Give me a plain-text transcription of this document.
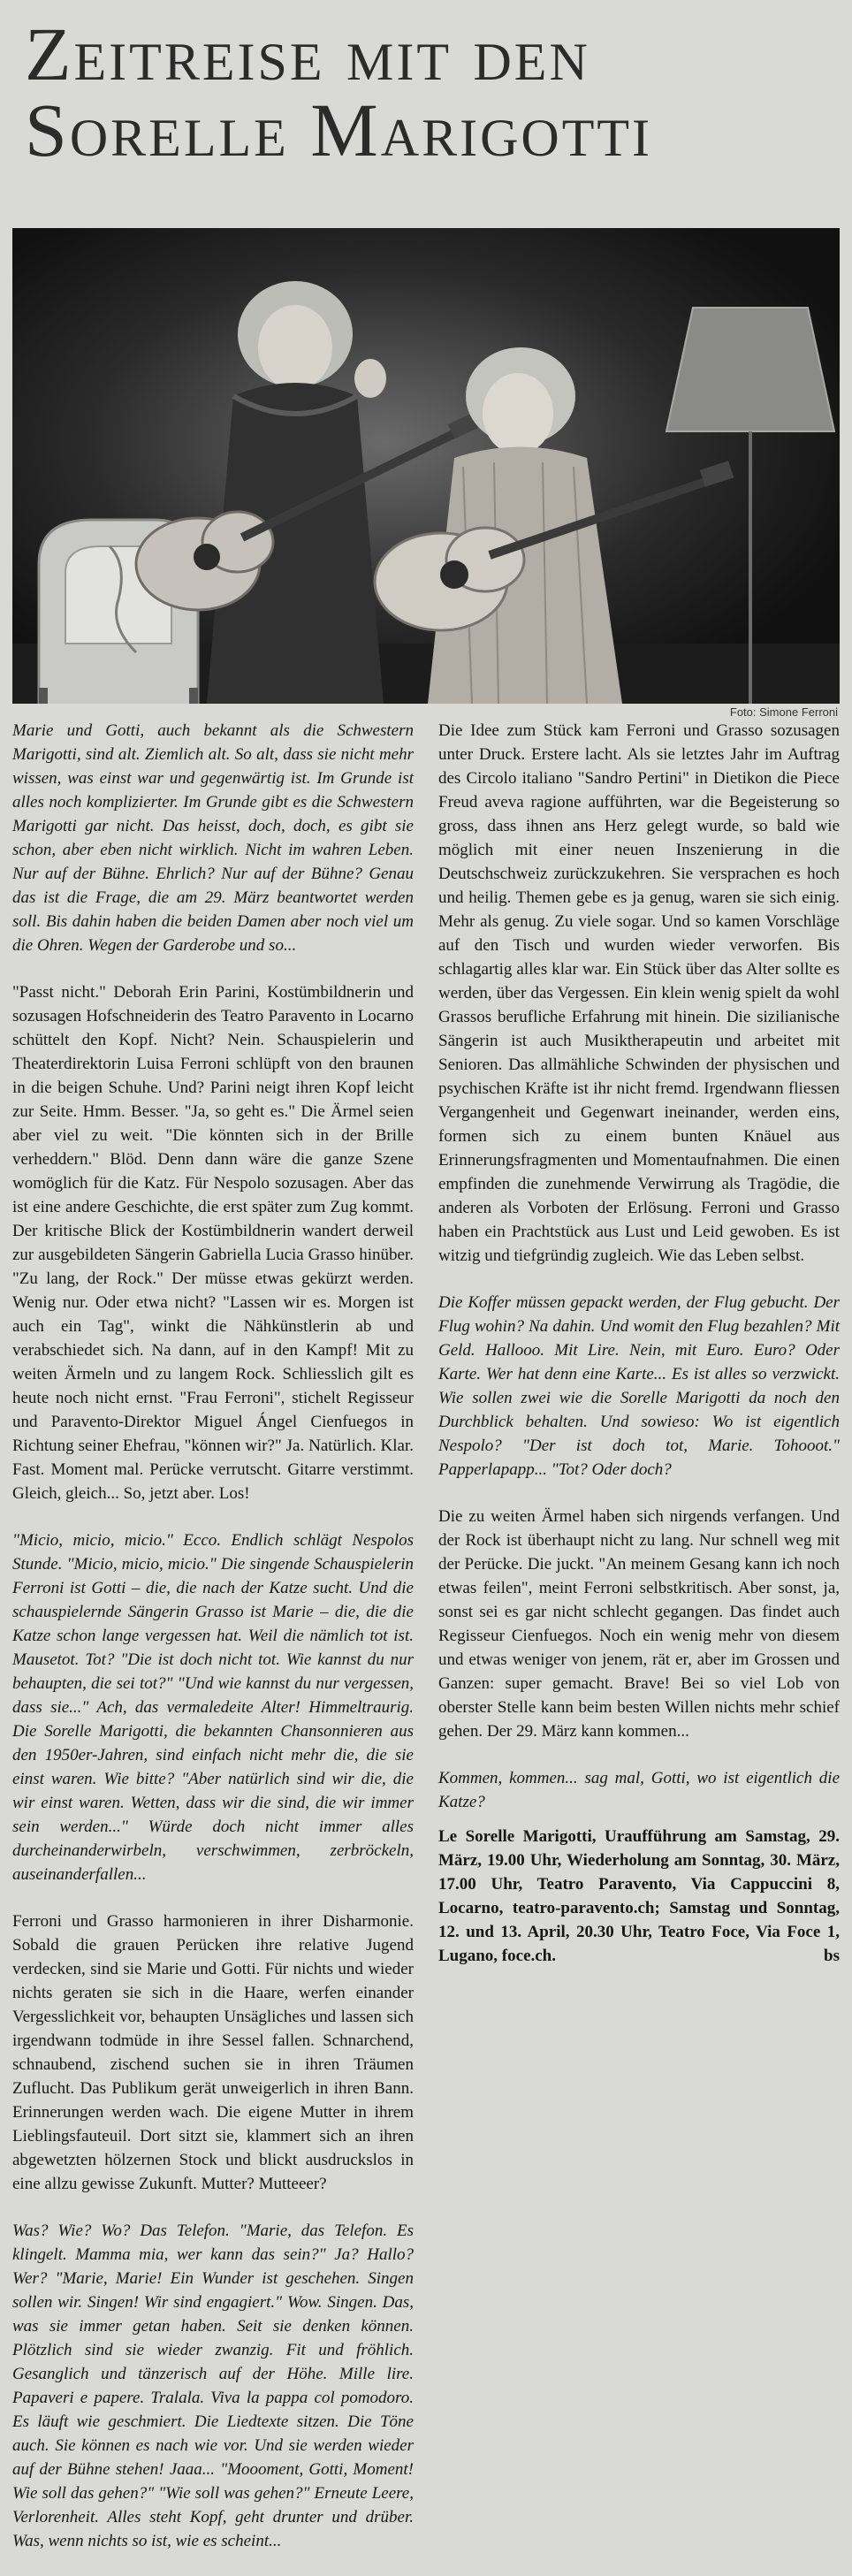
Zeitreise mit den
Sorelle Marigotti
Foto: Simone Ferroni

Marie und Gotti, auch bekannt als die Schwestern Marigotti, sind alt. Ziemlich alt. So alt, dass sie nicht mehr wissen, was einst war und gegenwärtig ist. Im Grunde ist alles noch komplizierter. Im Grunde gibt es die Schwestern Marigotti gar nicht. Das heisst, doch, doch, es gibt sie schon, aber eben nicht wirklich. Nicht im wahren Leben. Nur auf der Bühne. Ehrlich? Nur auf der Bühne? Genau das ist die Frage, die am 29. März beantwortet werden soll. Bis dahin haben die beiden Damen aber noch viel um die Ohren. Wegen der Garderobe und so...

"Passt nicht." Deborah Erin Parini, Kostümbildnerin und sozusagen Hofschneiderin des Teatro Paravento in Locarno schüttelt den Kopf. Nicht? Nein. Schauspielerin und Theaterdirektorin Luisa Ferroni schlüpft von den braunen in die beigen Schuhe. Und? Parini neigt ihren Kopf leicht zur Seite. Hmm. Besser. "Ja, so geht es." Die Ärmel seien aber viel zu weit. "Die könnten sich in der Brille verheddern." Blöd. Denn dann wäre die ganze Szene womöglich für die Katz. Für Nespolo sozusagen. Aber das ist eine andere Geschichte, die erst später zum Zug kommt. Der kritische Blick der Kostümbildnerin wandert derweil zur ausgebildeten Sängerin Gabriella Lucia Grasso hinüber. "Zu lang, der Rock." Der müsse etwas gekürzt werden. Wenig nur. Oder etwa nicht? "Lassen wir es. Morgen ist auch ein Tag", winkt die Nähkünstlerin ab und verabschiedet sich. Na dann, auf in den Kampf! Mit zu weiten Ärmeln und zu langem Rock. Schliesslich gilt es heute noch nicht ernst. "Frau Ferroni", stichelt Regisseur und Paravento-Direktor Miguel Ángel Cienfuegos in Richtung seiner Ehefrau, "können wir?" Ja. Natürlich. Klar. Fast. Moment mal. Perücke verrutscht. Gitarre verstimmt. Gleich, gleich... So, jetzt aber. Los!

"Micio, micio, micio." Ecco. Endlich schlägt Nespolos Stunde. "Micio, micio, micio." Die singende Schauspielerin Ferroni ist Gotti – die, die nach der Katze sucht. Und die schauspielernde Sängerin Grasso ist Marie – die, die die Katze schon lange vergessen hat. Weil die nämlich tot ist. Mausetot. Tot? "Die ist doch nicht tot. Wie kannst du nur behaupten, die sei tot?" "Und wie kannst du nur vergessen, dass sie..." Ach, das vermaledeite Alter! Himmeltraurig. Die Sorelle Marigotti, die bekannten Chansonnieren aus den 1950er-Jahren, sind einfach nicht mehr die, die sie einst waren. Wie bitte? "Aber natürlich sind wir die, die wir einst waren. Wetten, dass wir die sind, die wir immer sein werden..." Würde doch nicht immer alles durcheinanderwirbeln, verschwimmen, zerbröckeln, auseinanderfallen...

Ferroni und Grasso harmonieren in ihrer Disharmonie. Sobald die grauen Perücken ihre relative Jugend verdecken, sind sie Marie und Gotti. Für nichts und wieder nichts geraten sie sich in die Haare, werfen einander Vergesslichkeit vor, behaupten Unsägliches und lassen sich irgendwann todmüde in ihre Sessel fallen. Schnarchend, schnaubend, zischend suchen sie in ihren Träumen Zuflucht. Das Publikum gerät unweigerlich in ihren Bann. Erinnerungen werden wach. Die eigene Mutter in ihrem Lieblingsfauteuil. Dort sitzt sie, klammert sich an ihren abgewetzten hölzernen Stock und blickt ausdruckslos in eine allzu gewisse Zukunft. Mutter? Mutteeer?

Was? Wie? Wo? Das Telefon. "Marie, das Telefon. Es klingelt. Mamma mia, wer kann das sein?" Ja? Hallo? Wer? "Marie, Marie! Ein Wunder ist geschehen. Singen sollen wir. Singen! Wir sind engagiert." Wow. Singen. Das, was sie immer getan haben. Seit sie denken können. Plötzlich sind sie wieder zwanzig. Fit und fröhlich. Gesanglich und tänzerisch auf der Höhe. Mille lire. Papaveri e papere. Tralala. Viva la pappa col pomodoro. Es läuft wie geschmiert. Die Liedtexte sitzen. Die Töne auch. Sie können es nach wie vor. Und sie werden wieder auf der Bühne stehen! Jaaa... "Moooment, Gotti, Moment! Wie soll das gehen?" "Wie soll was gehen?" Erneute Leere, Verlorenheit. Alles steht Kopf, geht drunter und drüber. Was, wenn nichts so ist, wie es scheint...

Die Idee zum Stück kam Ferroni und Grasso sozusagen unter Druck. Erstere lacht. Als sie letztes Jahr im Auftrag des Circolo italiano "Sandro Pertini" in Dietikon die Piece Freud aveva ragione aufführten, war die Begeisterung so gross, dass ihnen ans Herz gelegt wurde, so bald wie möglich mit einer neuen Inszenierung in die Deutschschweiz zurückzukehren. Sie versprachen es hoch und heilig. Themen gebe es ja genug, waren sie sich einig. Mehr als genug. Zu viele sogar. Und so kamen Vorschläge auf den Tisch und wurden wieder verworfen. Bis schlagartig alles klar war. Ein Stück über das Alter sollte es werden, über das Vergessen. Ein klein wenig spielt da wohl Grassos berufliche Erfahrung mit hinein. Die sizilianische Sängerin ist auch Musiktherapeutin und arbeitet mit Senioren. Das allmähliche Schwinden der physischen und psychischen Kräfte ist ihr nicht fremd. Irgendwann fliessen Vergangenheit und Gegenwart ineinander, werden eins, formen sich zu einem bunten Knäuel aus Erinnerungsfragmenten und Momentaufnahmen. Die einen empfinden die zunehmende Verwirrung als Tragödie, die anderen als Vorboten der Erlösung. Ferroni und Grasso haben ein Prachtstück aus Lust und Leid gewoben. Es ist witzig und tiefgründig zugleich. Wie das Leben selbst.

Die Koffer müssen gepackt werden, der Flug gebucht. Der Flug wohin? Na dahin. Und womit den Flug bezahlen? Mit Geld. Hallooo. Mit Lire. Nein, mit Euro. Euro? Oder Karte. Wer hat denn eine Karte... Es ist alles so verzwickt. Wie sollen zwei wie die Sorelle Marigotti da noch den Durchblick behalten. Und sowieso: Wo ist eigentlich Nespolo? "Der ist doch tot, Marie. Tohooot." Papperlapapp... "Tot? Oder doch?

Die zu weiten Ärmel haben sich nirgends verfangen. Und der Rock ist überhaupt nicht zu lang. Nur schnell weg mit der Perücke. Die juckt. "An meinem Gesang kann ich noch etwas feilen", meint Ferroni selbstkritisch. Aber sonst, ja, sonst sei es gar nicht schlecht gegangen. Das findet auch Regisseur Cienfuegos. Noch ein wenig mehr von diesem und etwas weniger von jenem, rät er, aber im Grossen und Ganzen: super gemacht. Brave! Bei so viel Lob von oberster Stelle kann beim besten Willen nichts mehr schief gehen. Der 29. März kann kommen...

Kommen, kommen... sag mal, Gotti, wo ist eigentlich die Katze?

Le Sorelle Marigotti, Uraufführung am Samstag, 29. März, 19.00 Uhr, Wiederholung am Sonntag, 30. März, 17.00 Uhr, Teatro Paravento, Via Cappuccini 8, Locarno, teatro-paravento.ch; Samstag und Sonntag, 12. und 13. April, 20.30 Uhr, Teatro Foce, Via Foce 1, Lugano, foce.ch.	bs
